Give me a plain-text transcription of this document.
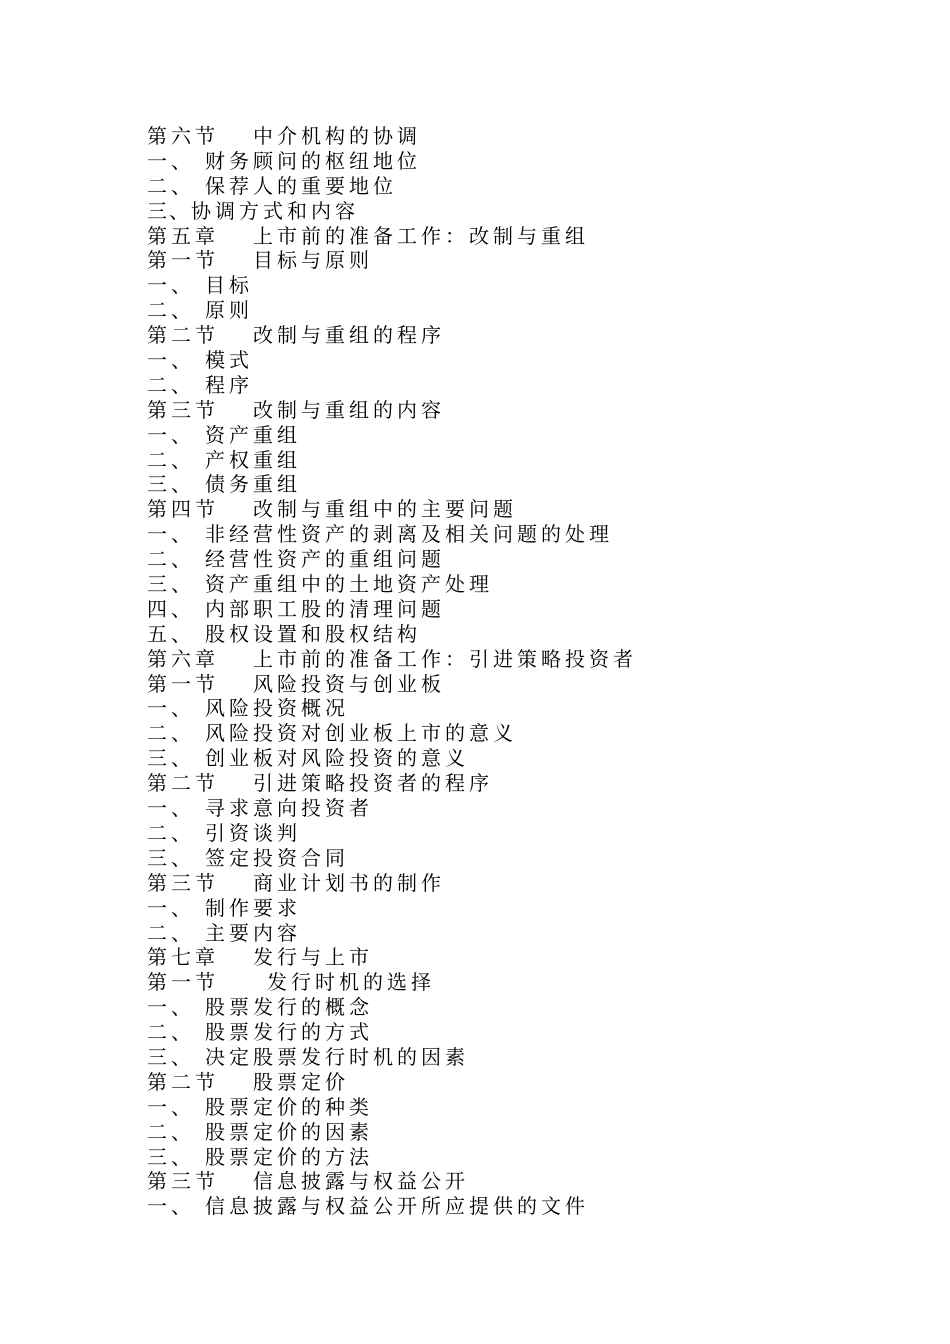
第六节 中介机构的协调
一、 财务顾问的枢纽地位
二、 保荐人的重要地位
三、协调方式和内容
第五章 上市前的准备工作：改制与重组
第一节 目标与原则
一、 目标
二、 原则
第二节 改制与重组的程序
一、 模式
二、 程序
第三节 改制与重组的内容
一、 资产重组
二、 产权重组
三、 债务重组
第四节 改制与重组中的主要问题
一、 非经营性资产的剥离及相关问题的处理
二、 经营性资产的重组问题
三、 资产重组中的土地资产处理
四、 内部职工股的清理问题
五、 股权设置和股权结构
第六章 上市前的准备工作：引进策略投资者
第一节 风险投资与创业板
一、 风险投资概况
二、 风险投资对创业板上市的意义
三、 创业板对风险投资的意义
第二节 引进策略投资者的程序
一、 寻求意向投资者
二、 引资谈判
三、 签定投资合同
第三节 商业计划书的制作
一、 制作要求
二、 主要内容
第七章 发行与上市
第一节 发行时机的选择
一、 股票发行的概念
二、 股票发行的方式
三、 决定股票发行时机的因素
第二节 股票定价
一、 股票定价的种类
二、 股票定价的因素
三、 股票定价的方法
第三节 信息披露与权益公开
一、 信息披露与权益公开所应提供的文件
